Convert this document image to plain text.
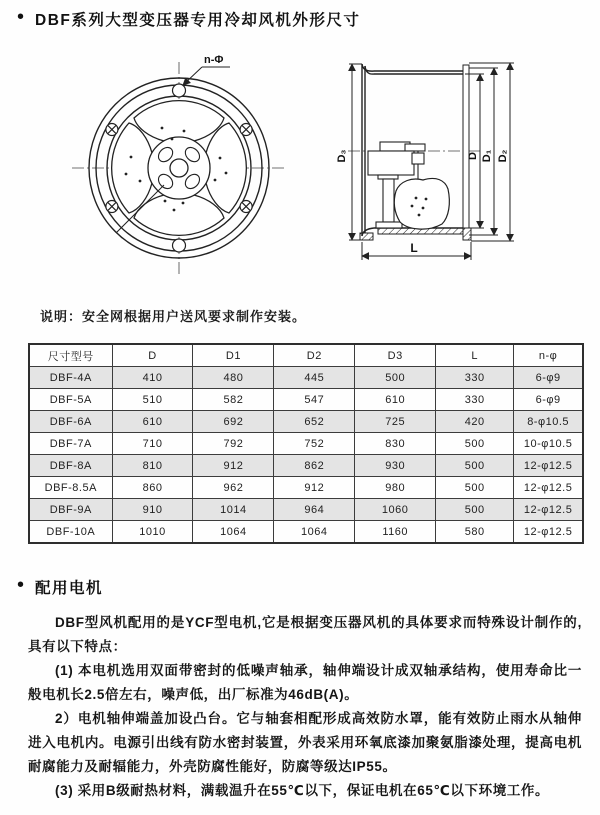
• DBF系列大型变压器专用冷却风机外形尺寸
n-Φ
D₃	D D₁ D₂
L
说明：安全网根据用户送风要求制作安装。
尺寸型号	D	D1	D2	D3	L	n-φ
DBF-4A	410	480	445	500	330	6-φ9
DBF-5A	510	582	547	610	330	6-φ9
DBF-6A	610	692	652	725	420	8-φ10.5
DBF-7A	710	792	752	830	500	10-φ10.5
DBF-8A	810	912	862	930	500	12-φ12.5
DBF-8.5A	860	962	912	980	500	12-φ12.5
DBF-9A	910	1014	964	1060	500	12-φ12.5
DBF-10A	1010	1064	1064	1160	580	12-φ12.5
• 配用电机

DBF型风机配用的是YCF型电机,它是根据变压器风机的具体要求而特殊设计制作的,具有以下特点：

(1) 本电机选用双面带密封的低噪声轴承，轴伸端设计成双轴承结构，使用寿命比一般电机长2.5倍左右，噪声低，出厂标准为46dB(A)。

2）电机轴伸端盖加设凸台。它与轴套相配形成高效防水罩，能有效防止雨水从轴伸进入电机内。电源引出线有防水密封装置，外表采用环氧底漆加聚氨脂漆处理，提高电机耐腐能力及耐辐能力，外壳防腐性能好，防腐等级达IP55。

(3) 采用B级耐热材料，满载温升在55℃以下，保证电机在65℃以下环境工作。
